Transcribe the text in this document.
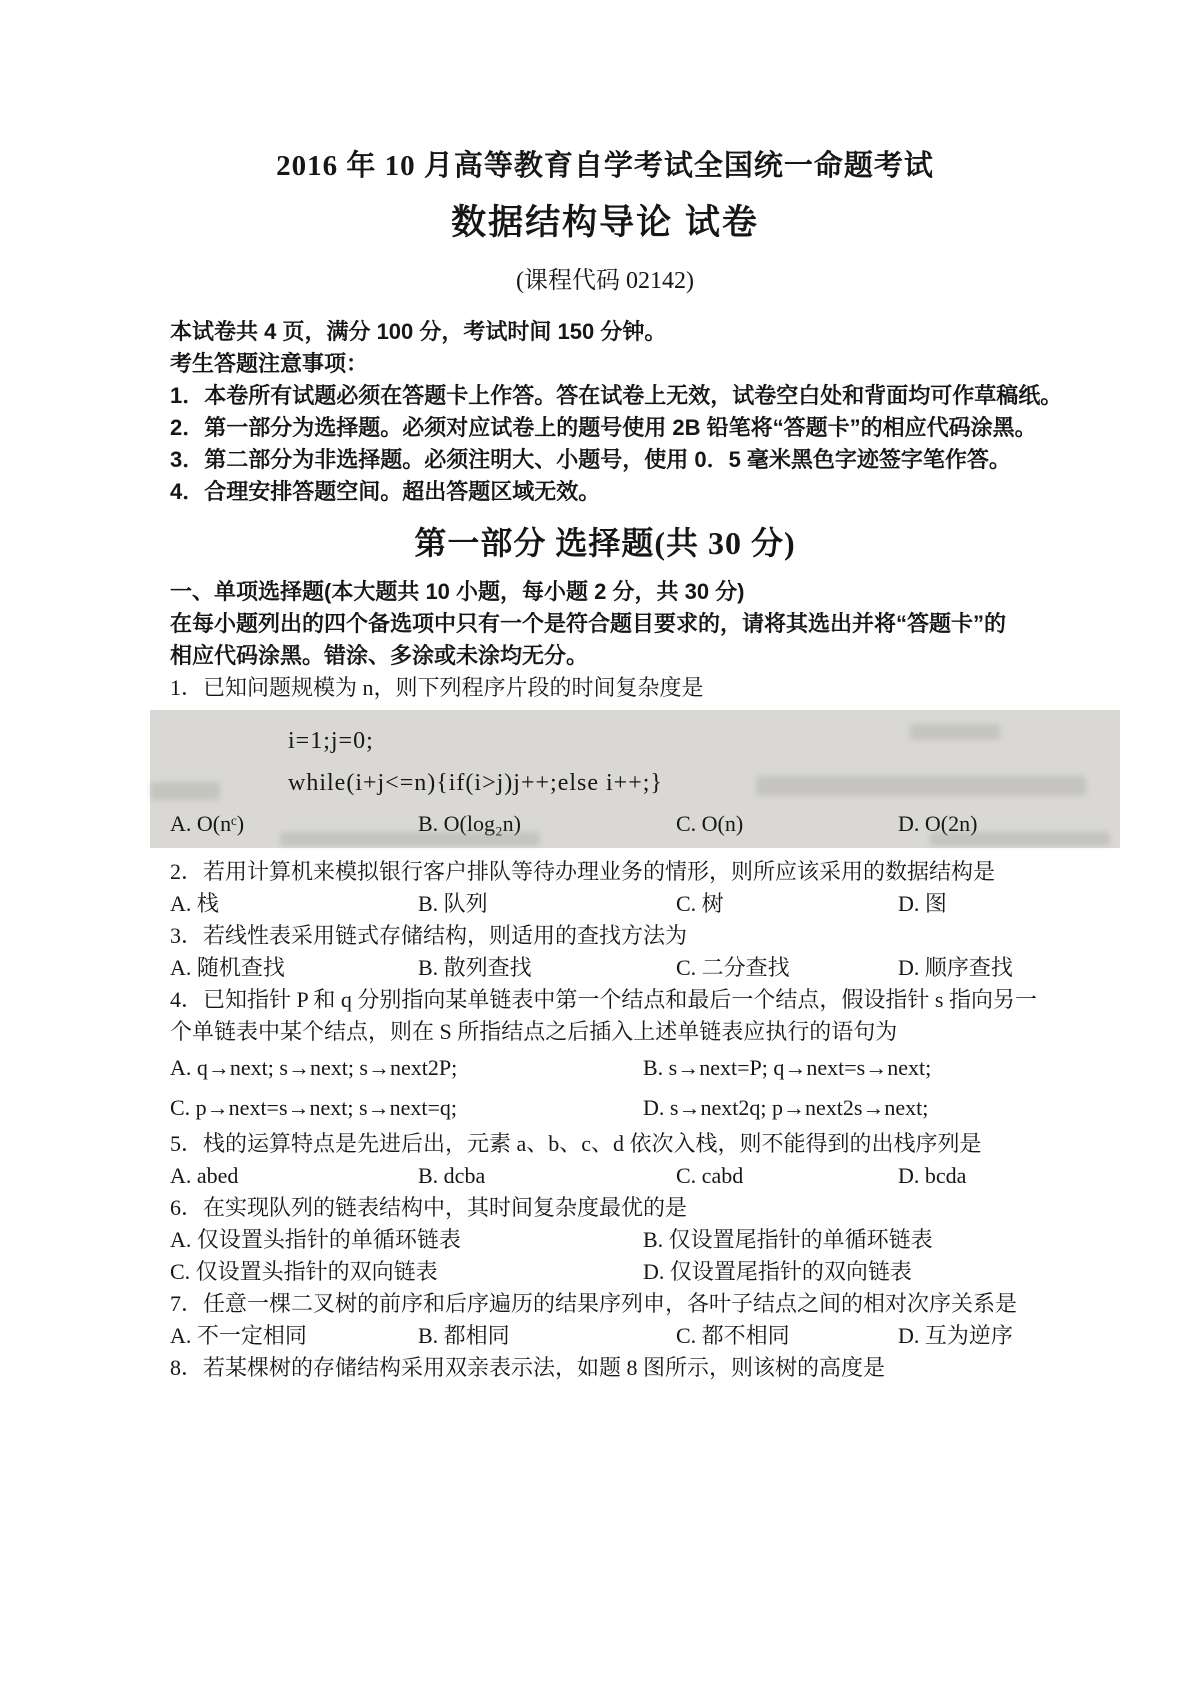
2016 年 10 月高等教育自学考试全国统一命题考试
数据结构导论 试卷
(课程代码 02142)
本试卷共 4 页，满分 100 分，考试时间 150 分钟。
考生答题注意事项：
1．本卷所有试题必须在答题卡上作答。答在试卷上无效，试卷空白处和背面均可作草稿纸。
2．第一部分为选择题。必须对应试卷上的题号使用 2B 铅笔将“答题卡”的相应代码涂黑。
3．第二部分为非选择题。必须注明大、小题号，使用 0．5 毫米黑色字迹签字笔作答。
4．合理安排答题空间。超出答题区域无效。
第一部分 选择题(共 30 分)
一、单项选择题(本大题共 10 小题，每小题 2 分，共 30 分)
在每小题列出的四个备选项中只有一个是符合题目要求的，请将其选出并将“答题卡”的
相应代码涂黑。错涂、多涂或未涂均无分。
1．已知问题规模为 n，则下列程序片段的时间复杂度是
i=1;j=0;
while(i+j<=n){if(i>j)j++;else i++;}
A. O(nᶜ)	B. O(log₂n)	C. O(n)	D. O(2n)
2．若用计算机来模拟银行客户排队等待办理业务的情形，则所应该采用的数据结构是
A. 栈	B. 队列	C. 树	D. 图
3．若线性表采用链式存储结构，则适用的查找方法为
A. 随机查找	B. 散列查找	C. 二分查找	D. 顺序查找
4．已知指针 P 和 q 分别指向某单链表中第一个结点和最后一个结点，假设指针 s 指向另一
个单链表中某个结点，则在 S 所指结点之后插入上述单链表应执行的语句为
A. q→next; s→next; s→next2P;	B. s→next=P; q→next=s→next;
C. p→next=s→next; s→next=q;	D. s→next2q; p→next2s→next;
5．栈的运算特点是先进后出，元素 a、b、c、d 依次入栈，则不能得到的出栈序列是
A. abed	B. dcba	C. cabd	D. bcda
6．在实现队列的链表结构中，其时间复杂度最优的是
A. 仅设置头指针的单循环链表	B. 仅设置尾指针的单循环链表
C. 仅设置头指针的双向链表	D. 仅设置尾指针的双向链表
7．任意一棵二叉树的前序和后序遍历的结果序列申，各叶子结点之间的相对次序关系是
A. 不一定相同	B. 都相同	C. 都不相同	D. 互为逆序
8．若某棵树的存储结构采用双亲表示法，如题 8 图所示，则该树的高度是
